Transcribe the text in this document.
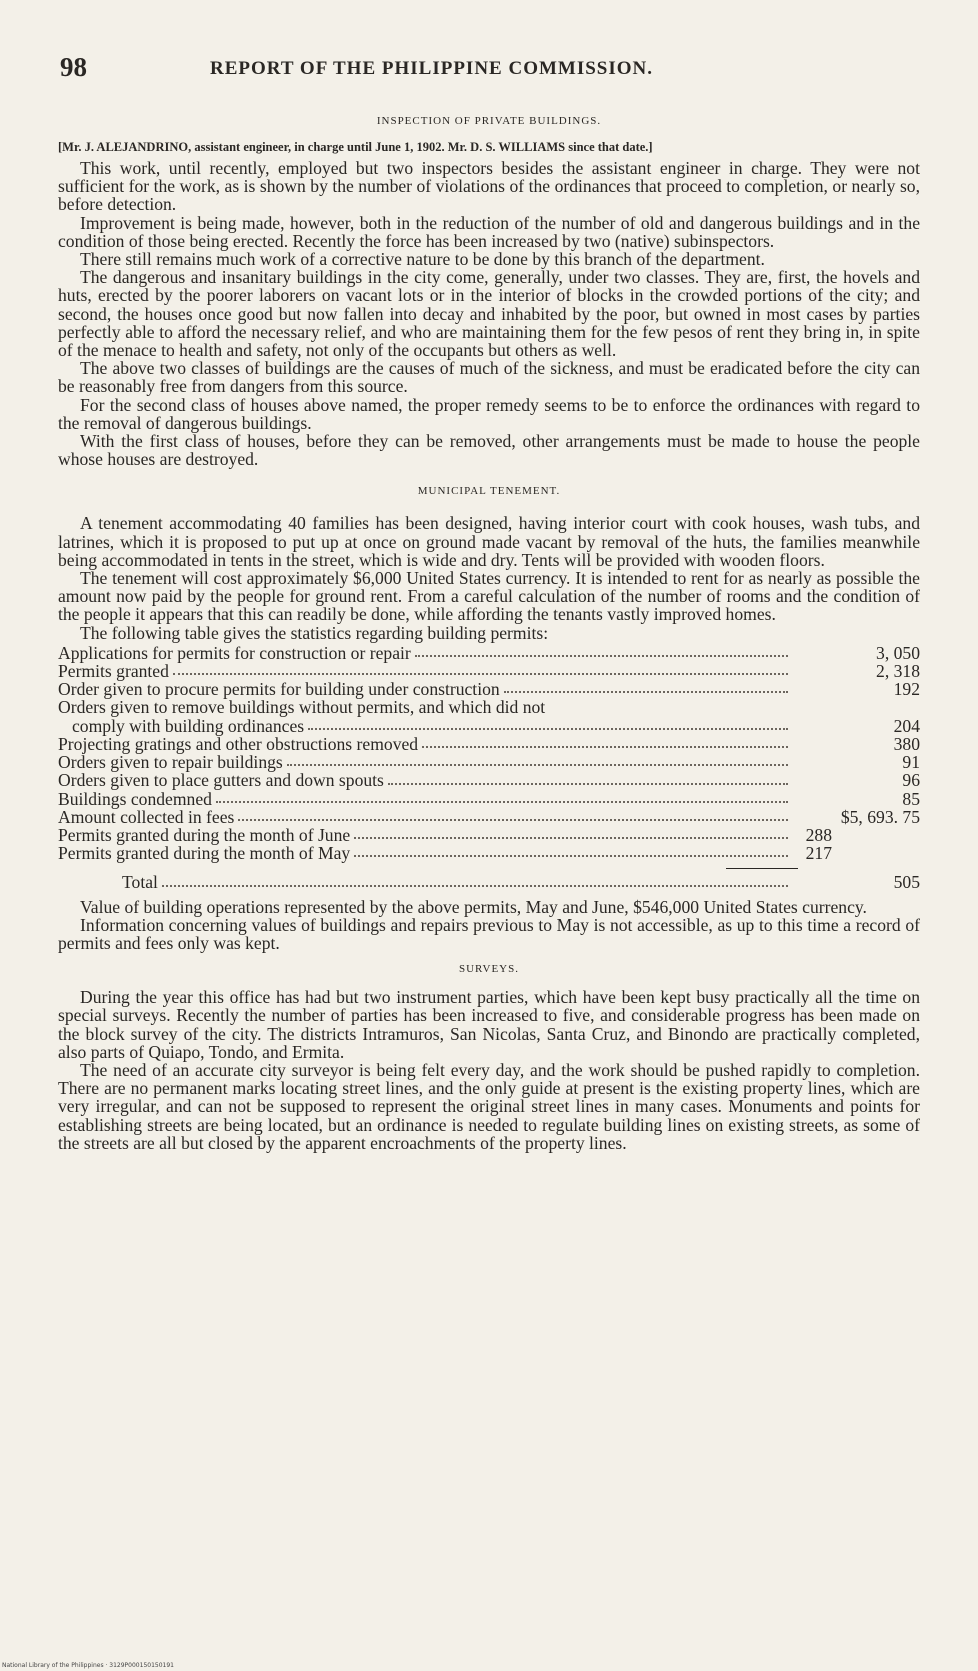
98	REPORT OF THE PHILIPPINE COMMISSION.
INSPECTION OF PRIVATE BUILDINGS.
[Mr. J. ALEJANDRINO, assistant engineer, in charge until June 1, 1902. Mr. D. S. WILLIAMS since that date.]

This work, until recently, employed but two inspectors besides the assistant engineer in charge. They were not sufficient for the work, as is shown by the number of violations of the ordinances that proceed to completion, or nearly so, before detection.

Improvement is being made, however, both in the reduction of the number of old and dangerous buildings and in the condition of those being erected. Recently the force has been increased by two (native) subinspectors.

There still remains much work of a corrective nature to be done by this branch of the department.

The dangerous and insanitary buildings in the city come, generally, under two classes. They are, first, the hovels and huts, erected by the poorer laborers on vacant lots or in the interior of blocks in the crowded portions of the city; and second, the houses once good but now fallen into decay and inhabited by the poor, but owned in most cases by parties perfectly able to afford the necessary relief, and who are maintaining them for the few pesos of rent they bring in, in spite of the menace to health and safety, not only of the occupants but others as well.

The above two classes of buildings are the causes of much of the sickness, and must be eradicated before the city can be reasonably free from dangers from this source.

For the second class of houses above named, the proper remedy seems to be to enforce the ordinances with regard to the removal of dangerous buildings.

With the first class of houses, before they can be removed, other arrangements must be made to house the people whose houses are destroyed.

MUNICIPAL TENEMENT.

A tenement accommodating 40 families has been designed, having interior court with cook houses, wash tubs, and latrines, which it is proposed to put up at once on ground made vacant by removal of the huts, the families meanwhile being accommodated in tents in the street, which is wide and dry. Tents will be provided with wooden floors.

The tenement will cost approximately $6,000 United States currency. It is intended to rent for as nearly as possible the amount now paid by the people for ground rent. From a careful calculation of the number of rooms and the condition of the people it appears that this can readily be done, while affording the tenants vastly improved homes.

The following table gives the statistics regarding building permits:

Applications for permits for construction or repair	3, 050
Permits granted	2, 318
Order given to procure permits for building under construction	192
Orders given to remove buildings without permits, and which did not
comply with building ordinances	204
Projecting gratings and other obstructions removed	380
Orders given to repair buildings	91
Orders given to place gutters and down spouts	96
Buildings condemned	85
Amount collected in fees	$5, 693. 75
Permits granted during the month of June	288
Permits granted during the month of May	217
Total	505

Value of building operations represented by the above permits, May and June, $546,000 United States currency.

Information concerning values of buildings and repairs previous to May is not accessible, as up to this time a record of permits and fees only was kept.

SURVEYS.

During the year this office has had but two instrument parties, which have been kept busy practically all the time on special surveys. Recently the number of parties has been increased to five, and considerable progress has been made on the block survey of the city. The districts Intramuros, San Nicolas, Santa Cruz, and Binondo are practically completed, also parts of Quiapo, Tondo, and Ermita.

The need of an accurate city surveyor is being felt every day, and the work should be pushed rapidly to completion. There are no permanent marks locating street lines, and the only guide at present is the existing property lines, which are very irregular, and can not be supposed to represent the original street lines in many cases. Monuments and points for establishing streets are being located, but an ordinance is needed to regulate building lines on existing streets, as some of the streets are all but closed by the apparent encroachments of the property lines.

National Library of the Philippines · 3129P000150150191
